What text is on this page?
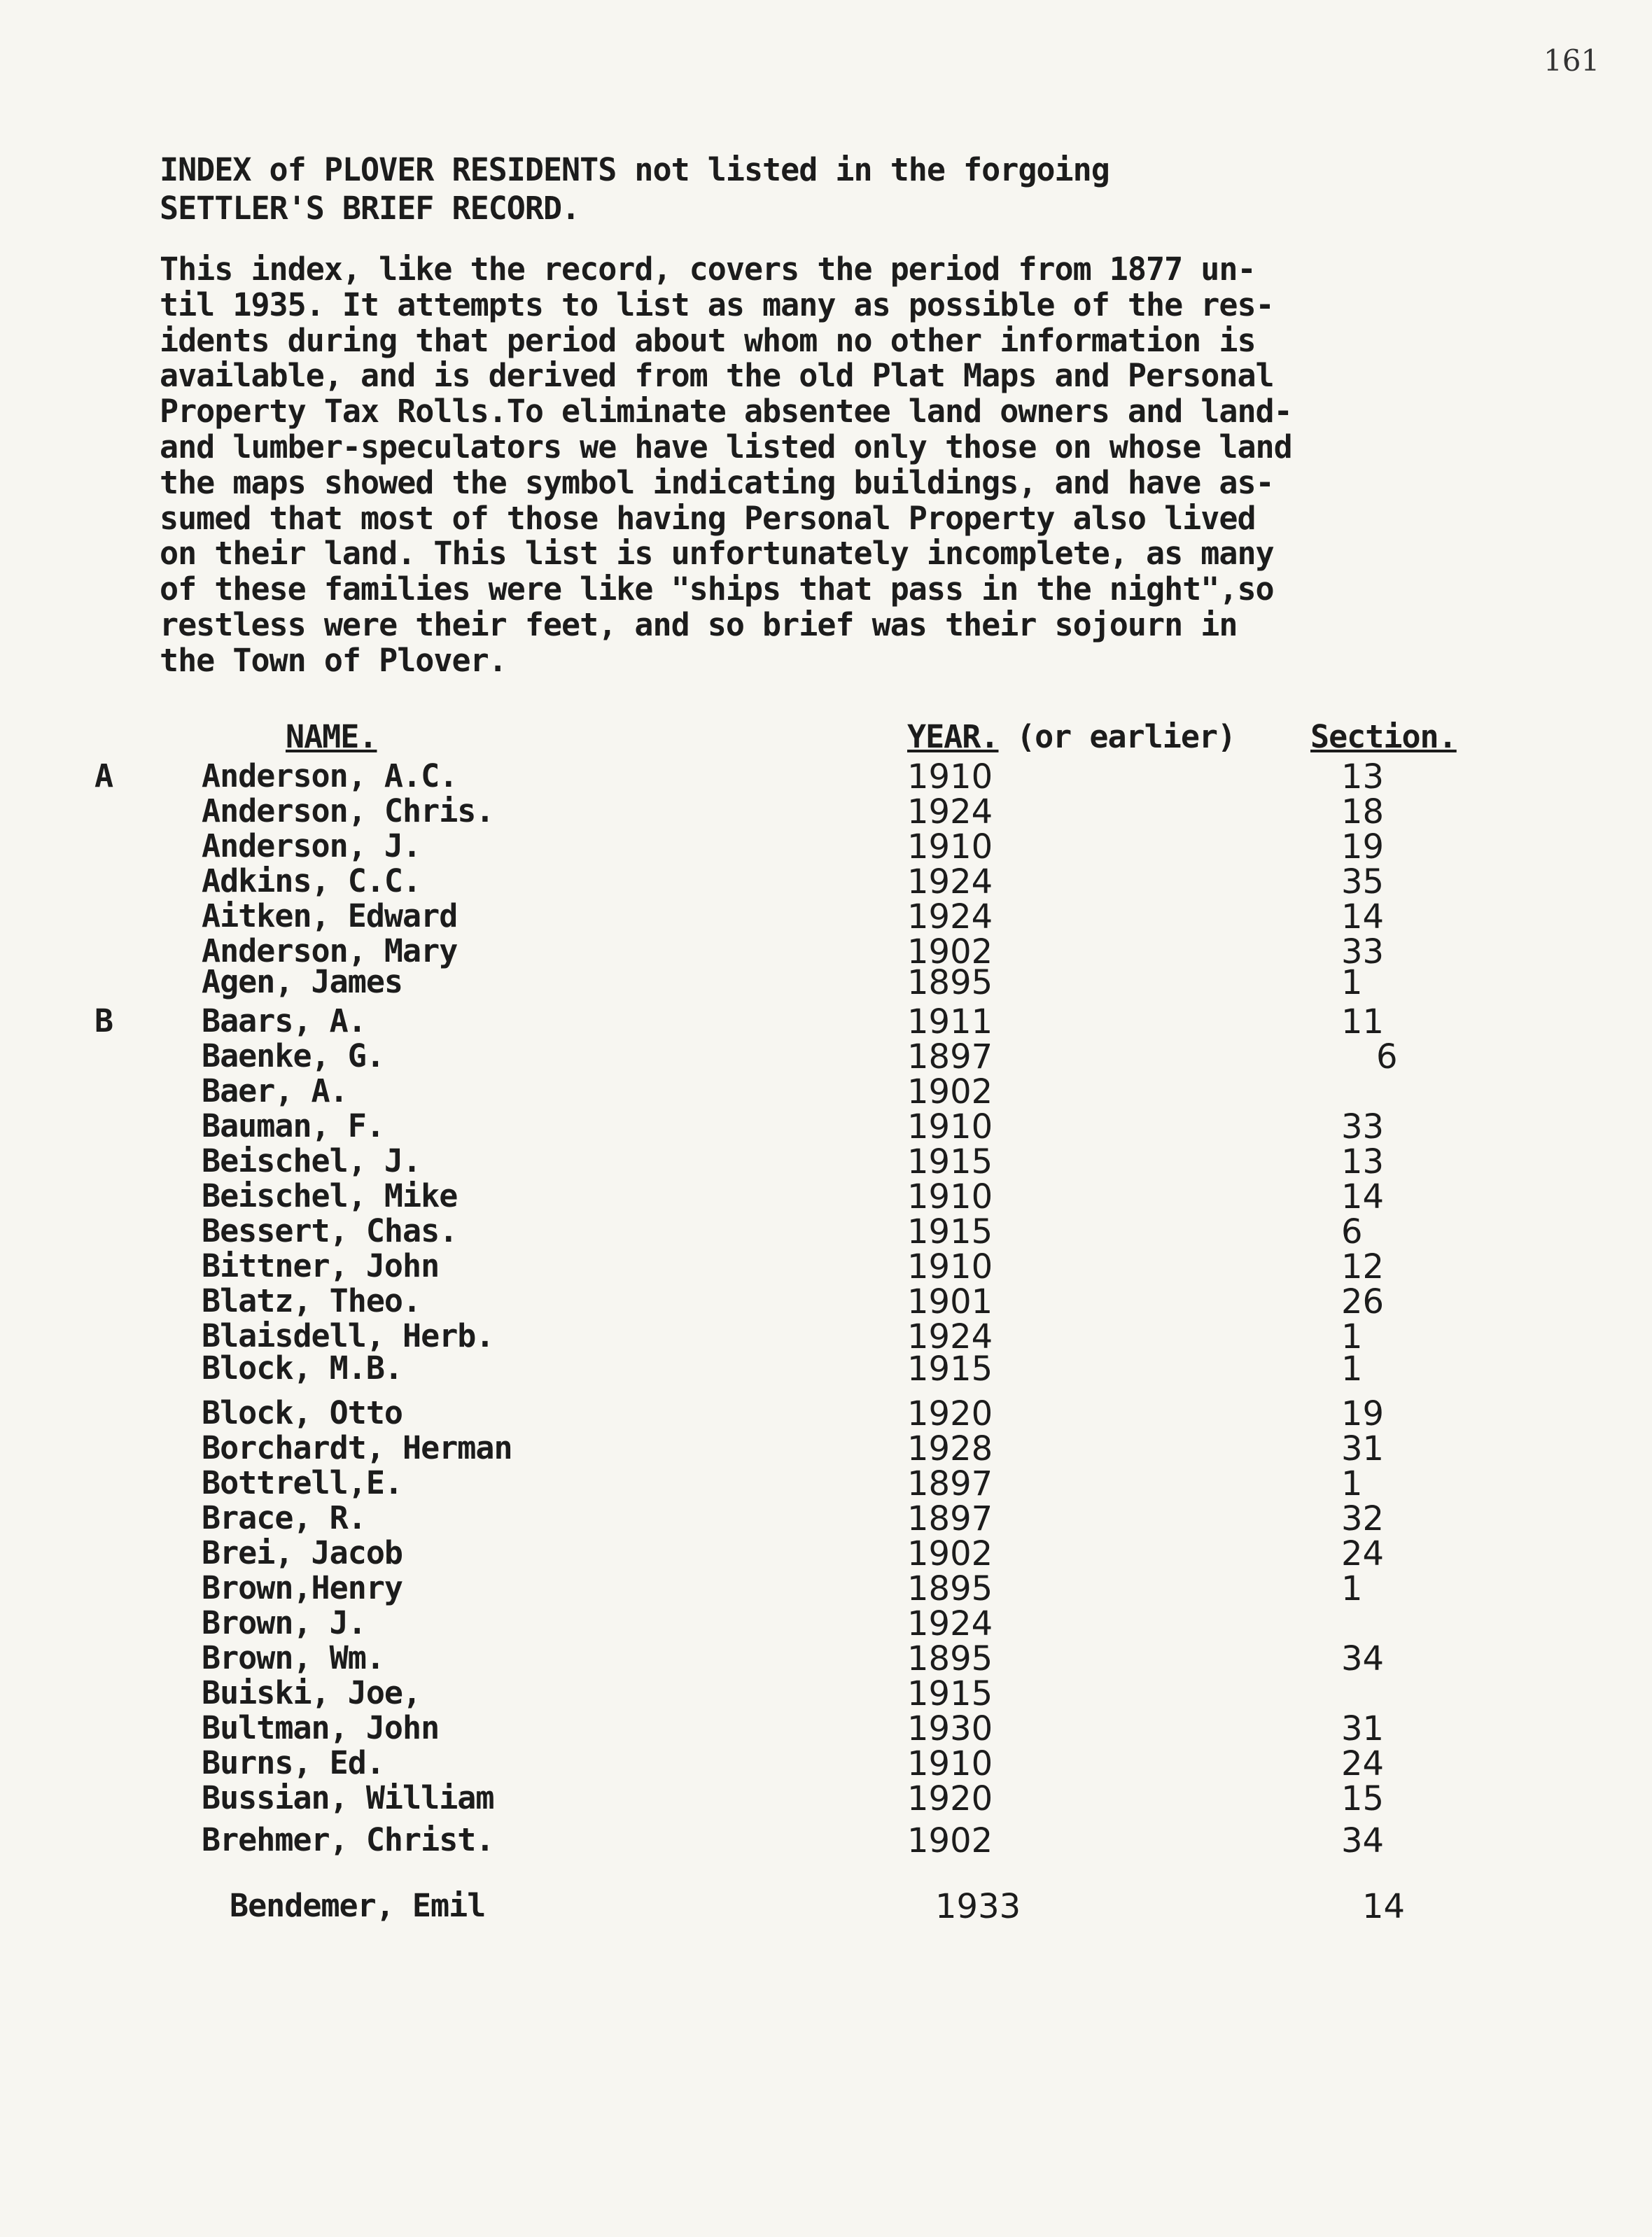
161
INDEX of PLOVER RESIDENTS not listed in the forgoing
SETTLER'S BRIEF RECORD.
This index, like the record, covers the period from 1877 un-
til 1935. It attempts to list as many as possible of the res-
idents during that period about whom no other information is
available, and is derived from the old Plat Maps and Personal
Property Tax Rolls.To eliminate absentee land owners and land-
and lumber-speculators we have listed only those on whose land
the maps showed the symbol indicating buildings, and have as-
sumed that most of those having Personal Property also lived
on their land. This list is unfortunately incomplete, as many
of these families were like "ships that pass in the night",so
restless were their feet, and so brief was their sojourn in
the Town of Plover.
NAME.	YEAR. (or earlier) Section.
A	Anderson, A.C.	1910	13
Anderson, Chris.	1924	18
Anderson, J.	1910	19
Adkins, C.C.	1924	35
Aitken, Edward	1924	14
Anderson, Mary	1902	33
Agen, James	1895	1
B	Baars, A.	1911	11
Baenke, G.	1897	6
Baer, A.	1902
Bauman, F.	1910	33
Beischel, J.	1915	13
Beischel, Mike	1910	14
Bessert, Chas.	1915	6
Bittner, John	1910	12
Blatz, Theo.	1901	26
Blaisdell, Herb.	1924	1
Block, M.B.	1915	1
Block, Otto	1920	19
Borchardt, Herman	1928	31
Bottrell,E.	1897	1
Brace, R.	1897	32
Brei, Jacob	1902	24
Brown,Henry	1895	1
Brown, J.	1924
Brown, Wm.	1895	34
Buiski, Joe,	1915
Bultman, John	1930	31
Burns, Ed.	1910	24
Bussian, William	1920	15
Brehmer, Christ.	1902	34
Bendemer, Emil	1933	14
